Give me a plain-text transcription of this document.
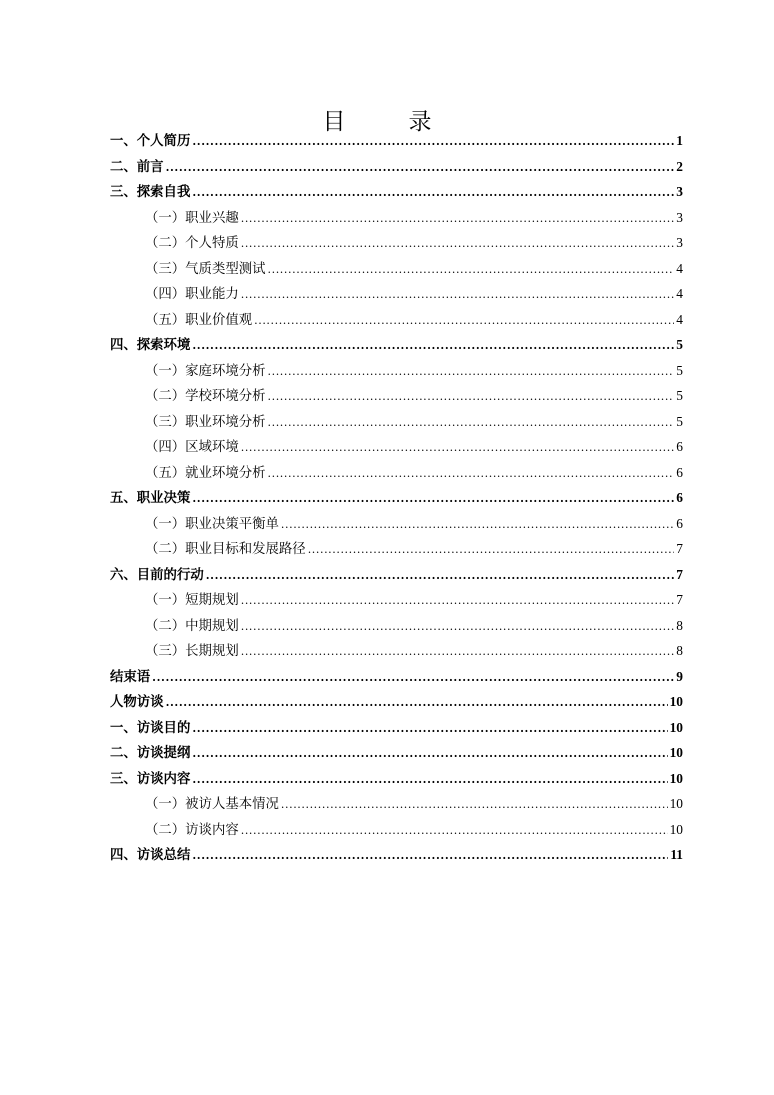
目　录
一、个人简历 .....	1
二、前言 .....	2
三、探索自我 .....	3
（一）职业兴趣 .....	3
（二）个人特质 .....	3
（三）气质类型测试 .....	4
（四）职业能力 .....	4
（五）职业价值观 .....	4
四、探索环境 .....	5
（一）家庭环境分析 .....	5
（二）学校环境分析 .....	5
（三）职业环境分析 .....	5
（四）区域环境 .....	6
（五）就业环境分析 .....	6
五、职业决策 .....	6
（一）职业决策平衡单 .....	6
（二）职业目标和发展路径 .....	7
六、目前的行动 .....	7
（一）短期规划 .....	7
（二）中期规划 .....	8
（三）长期规划 .....	8
结束语 .....	9
人物访谈 .....	10
一、访谈目的 .....	10
二、访谈提纲 .....	10
三、访谈内容 .....	10
（一）被访人基本情况 .....	10
（二）访谈内容 .....	10
四、访谈总结 .....	11
